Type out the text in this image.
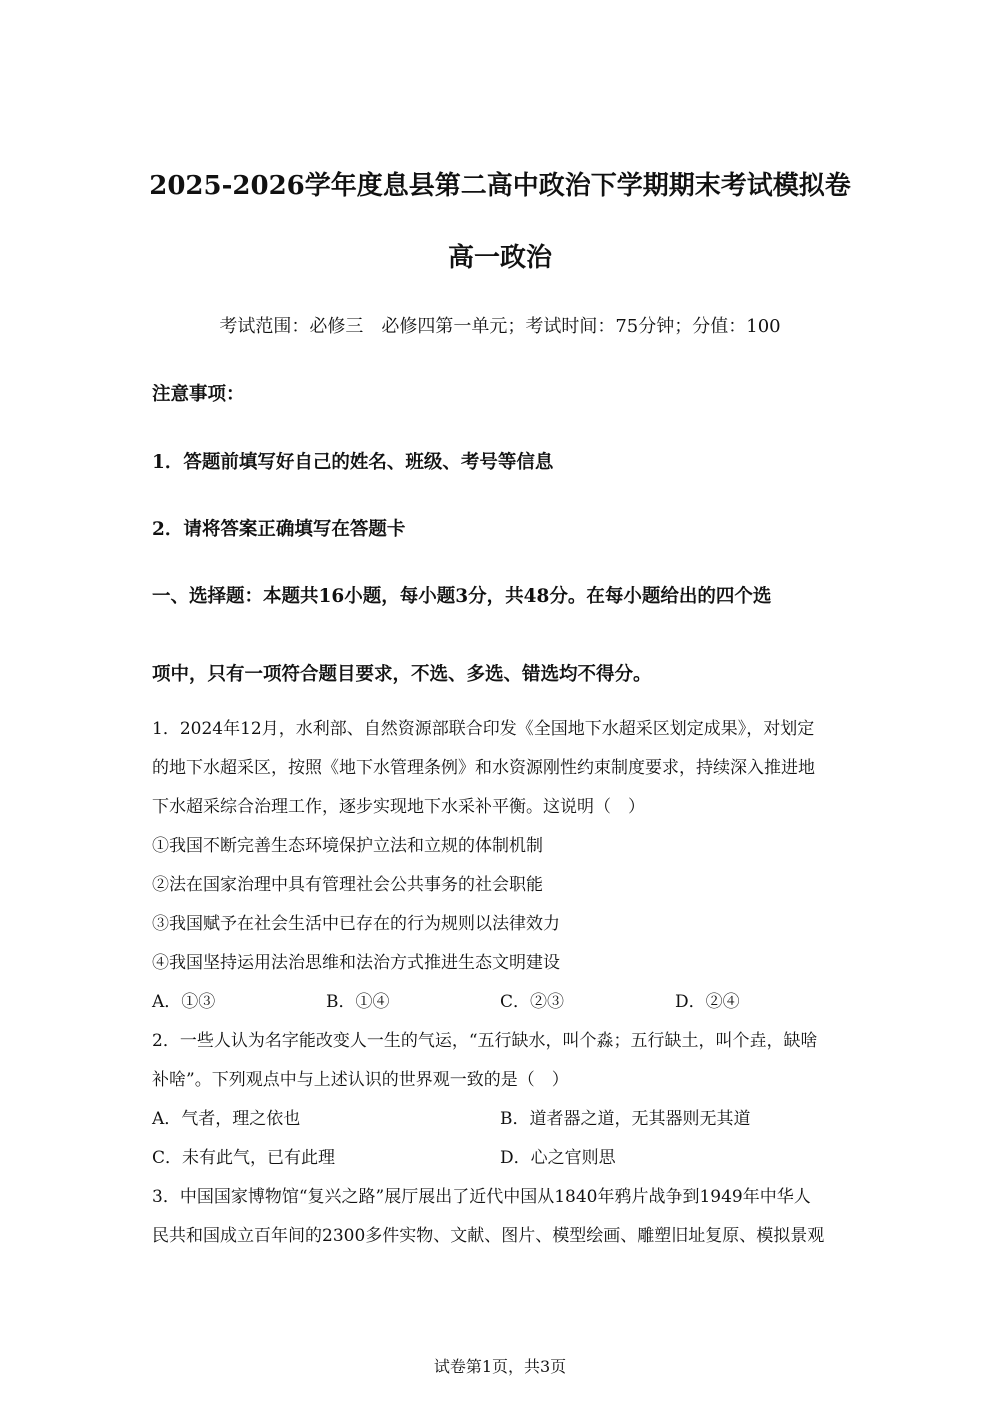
2025-2026学年度息县第二高中政治下学期期末考试模拟卷
高一政治
考试范围：必修三　必修四第一单元；考试时间：75分钟；分值：100
注意事项：
1．答题前填写好自己的姓名、班级、考号等信息
2．请将答案正确填写在答题卡
一、选择题：本题共16小题，每小题3分，共48分。在每小题给出的四个选
项中，只有一项符合题目要求，不选、多选、错选均不得分。
1．2024年12月，水利部、自然资源部联合印发《全国地下水超采区划定成果》，对划定
的地下水超采区，按照《地下水管理条例》和水资源刚性约束制度要求，持续深入推进地
下水超采综合治理工作，逐步实现地下水采补平衡。这说明（　）
①我国不断完善生态环境保护立法和立规的体制机制
②法在国家治理中具有管理社会公共事务的社会职能
③我国赋予在社会生活中已存在的行为规则以法律效力
④我国坚持运用法治思维和法治方式推进生态文明建设
A．①③	B．①④	C．②③	D．②④
2．一些人认为名字能改变人一生的气运，“五行缺水，叫个淼；五行缺土，叫个垚，缺啥
补啥”。下列观点中与上述认识的世界观一致的是（　）
A．气者，理之依也	B．道者器之道，无其器则无其道
C．未有此气，已有此理	D．心之官则思
3．中国国家博物馆“复兴之路”展厅展出了近代中国从1840年鸦片战争到1949年中华人
民共和国成立百年间的2300多件实物、文献、图片、模型绘画、雕塑旧址复原、模拟景观
试卷第1页，共3页
